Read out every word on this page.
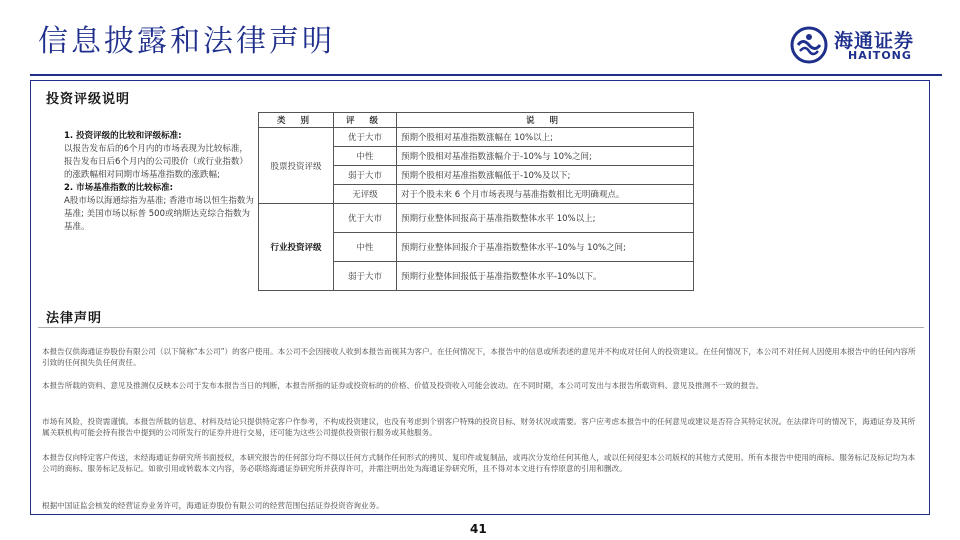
信息披露和法律声明	海通证券
HAITONG
投资评级说明
1. 投资评级的比较和评级标准:
以报告发布后的6个月内的市场表现为比较标准，报告发布日后6个月内的公司股价（或行业指数）的涨跌幅相对同期市场基准指数的涨跌幅;
2. 市场基准指数的比较标准:
A股市场以海通综指为基准; 香港市场以恒生指数为基准; 美国市场以标普 500或纳斯达克综合指数为基准。
类 别	评 级	说 明
股票投资评级	优于大市	预期个股相对基准指数涨幅在 10%以上;
	中性	预期个股相对基准指数涨幅介于-10%与 10%之间;
	弱于大市	预期个股相对基准指数涨幅低于-10%及以下;
	无评级	对于个股未来 6 个月市场表现与基准指数相比无明确观点。
行业投资评级	优于大市	预期行业整体回报高于基准指数整体水平 10%以上;
	中性	预期行业整体回报介于基准指数整体水平-10%与 10%之间;
	弱于大市	预期行业整体回报低于基准指数整体水平-10%以下。
法律声明
本报告仅供海通证券股份有限公司（以下简称“本公司”）的客户使用。本公司不会因接收人收到本报告而视其为客户。在任何情况下，本报告中的信息或所表述的意见并不构成对任何人的投资建议。在任何情况下，本公司不对任何人因使用本报告中的任何内容所引致的任何损失负任何责任。
本报告所载的资料、意见及推测仅反映本公司于发布本报告当日的判断，本报告所指的证券或投资标的的价格、价值及投资收入可能会波动。在不同时期，本公司可发出与本报告所载资料、意见及推测不一致的报告。
市场有风险，投资需谨慎。本报告所载的信息、材料及结论只提供特定客户作参考，不构成投资建议，也没有考虑到个别客户特殊的投资目标、财务状况或需要。客户应考虑本报告中的任何意见或建议是否符合其特定状况。在法律许可的情况下，海通证券及其所属关联机构可能会持有报告中提到的公司所发行的证券并进行交易，还可能为这些公司提供投资银行服务或其他服务。
本报告仅向特定客户传送，未经海通证券研究所书面授权，本研究报告的任何部分均不得以任何方式制作任何形式的拷贝、复印件或复制品，或再次分发给任何其他人，或以任何侵犯本公司版权的其他方式使用。所有本报告中使用的商标、服务标记及标记均为本公司的商标、服务标记及标记。如欲引用或转载本文内容，务必联络海通证券研究所并获得许可，并需注明出处为海通证券研究所，且不得对本文进行有悖原意的引用和删改。
根据中国证监会核发的经营证券业务许可，海通证券股份有限公司的经营范围包括证券投资咨询业务。
41
